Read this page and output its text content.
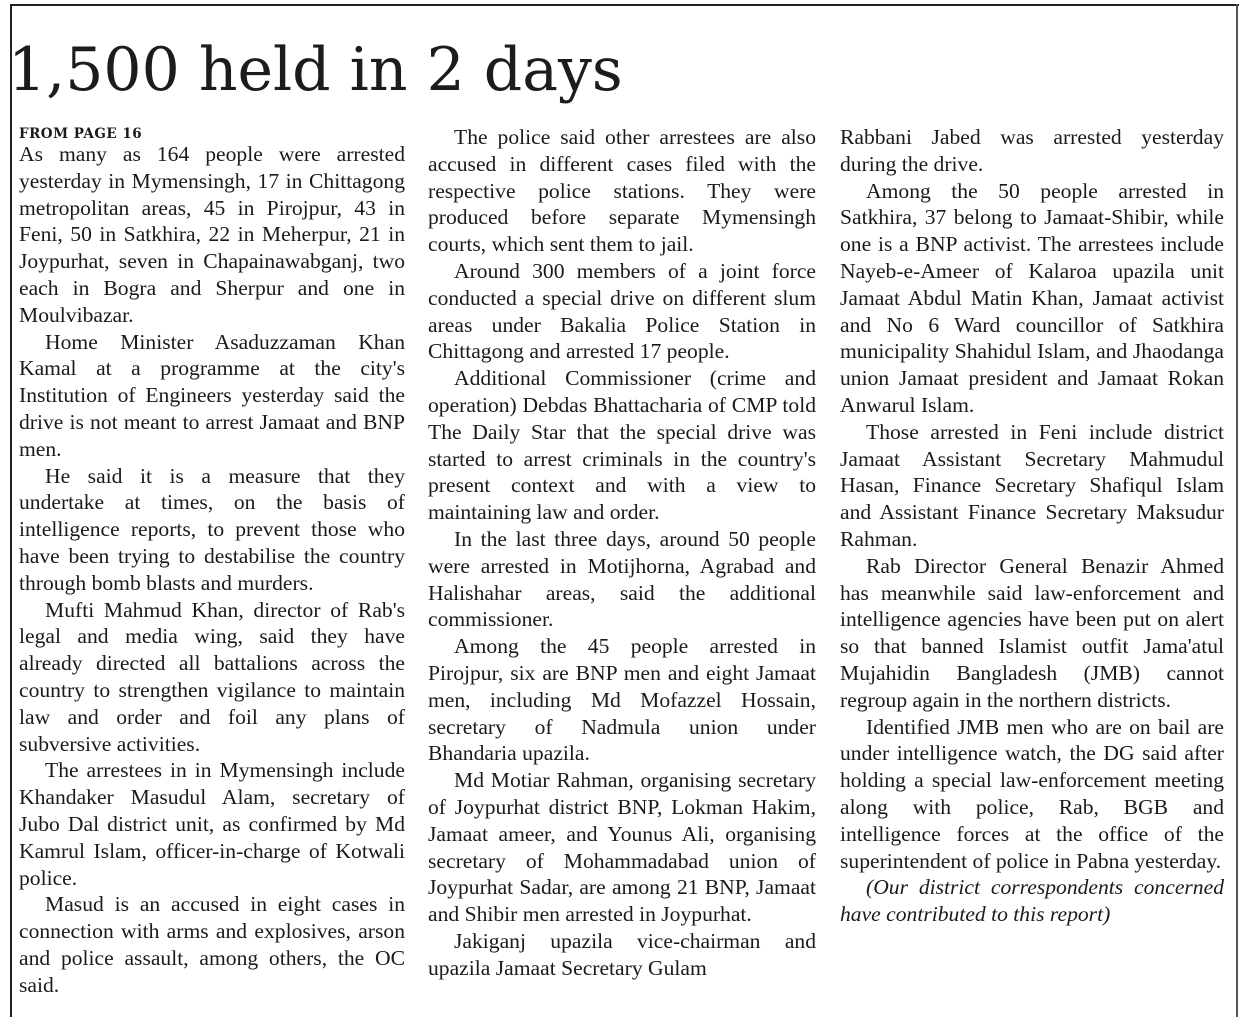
1,500 held in 2 days
FROM PAGE 16

As many as 164 people were arrested yesterday in Mymensingh, 17 in Chittagong metropolitan areas, 45 in Pirojpur, 43 in Feni, 50 in Satkhira, 22 in Meherpur, 21 in Joypurhat, seven in Chapainawabganj, two each in Bogra and Sherpur and one in Moulvibazar.

Home Minister Asaduzzaman Khan Kamal at a programme at the city's Institution of Engineers yesterday said the drive is not meant to arrest Jamaat and BNP men.

He said it is a measure that they undertake at times, on the basis of intelligence reports, to prevent those who have been trying to destabilise the country through bomb blasts and murders.

Mufti Mahmud Khan, director of Rab's legal and media wing, said they have already directed all battalions across the country to strengthen vigilance to maintain law and order and foil any plans of subversive activities.

The arrestees in in Mymensingh include Khandaker Masudul Alam, secretary of Jubo Dal district unit, as confirmed by Md Kamrul Islam, officer-in-charge of Kotwali police.

Masud is an accused in eight cases in connection with arms and explosives, arson and police assault, among others, the OC said.

The police said other arrestees are also accused in different cases filed with the respective police stations. They were produced before separate Mymensingh courts, which sent them to jail.

Around 300 members of a joint force conducted a special drive on different slum areas under Bakalia Police Station in Chittagong and arrested 17 people.

Additional Commissioner (crime and operation) Debdas Bhattacharia of CMP told The Daily Star that the special drive was started to arrest criminals in the country's present context and with a view to maintaining law and order.

In the last three days, around 50 people were arrested in Motijhorna, Agrabad and Halishahar areas, said the additional commissioner.

Among the 45 people arrested in Pirojpur, six are BNP men and eight Jamaat men, including Md Mofazzel Hossain, secretary of Nadmula union under Bhandaria upazila.

Md Motiar Rahman, organising secretary of Joypurhat district BNP, Lokman Hakim, Jamaat ameer, and Younus Ali, organising secretary of Mohammadabad union of Joypurhat Sadar, are among 21 BNP, Jamaat and Shibir men arrested in Joypurhat.

Jakiganj upazila vice-chairman and upazila Jamaat Secretary Gulam

Rabbani Jabed was arrested yesterday during the drive.

Among the 50 people arrested in Satkhira, 37 belong to Jamaat-Shibir, while one is a BNP activist. The arrestees include Nayeb-e-Ameer of Kalaroa upazila unit Jamaat Abdul Matin Khan, Jamaat activist and No 6 Ward councillor of Satkhira municipality Shahidul Islam, and Jhaodanga union Jamaat president and Jamaat Rokan Anwarul Islam.

Those arrested in Feni include district Jamaat Assistant Secretary Mahmudul Hasan, Finance Secretary Shafiqul Islam and Assistant Finance Secretary Maksudur Rahman.

Rab Director General Benazir Ahmed has meanwhile said law-enforcement and intelligence agencies have been put on alert so that banned Islamist outfit Jama'atul Mujahidin Bangladesh (JMB) cannot regroup again in the northern districts.

Identified JMB men who are on bail are under intelligence watch, the DG said after holding a special law-enforcement meeting along with police, Rab, BGB and intelligence forces at the office of the superintendent of police in Pabna yesterday.

(Our district correspondents concerned have contributed to this report)
